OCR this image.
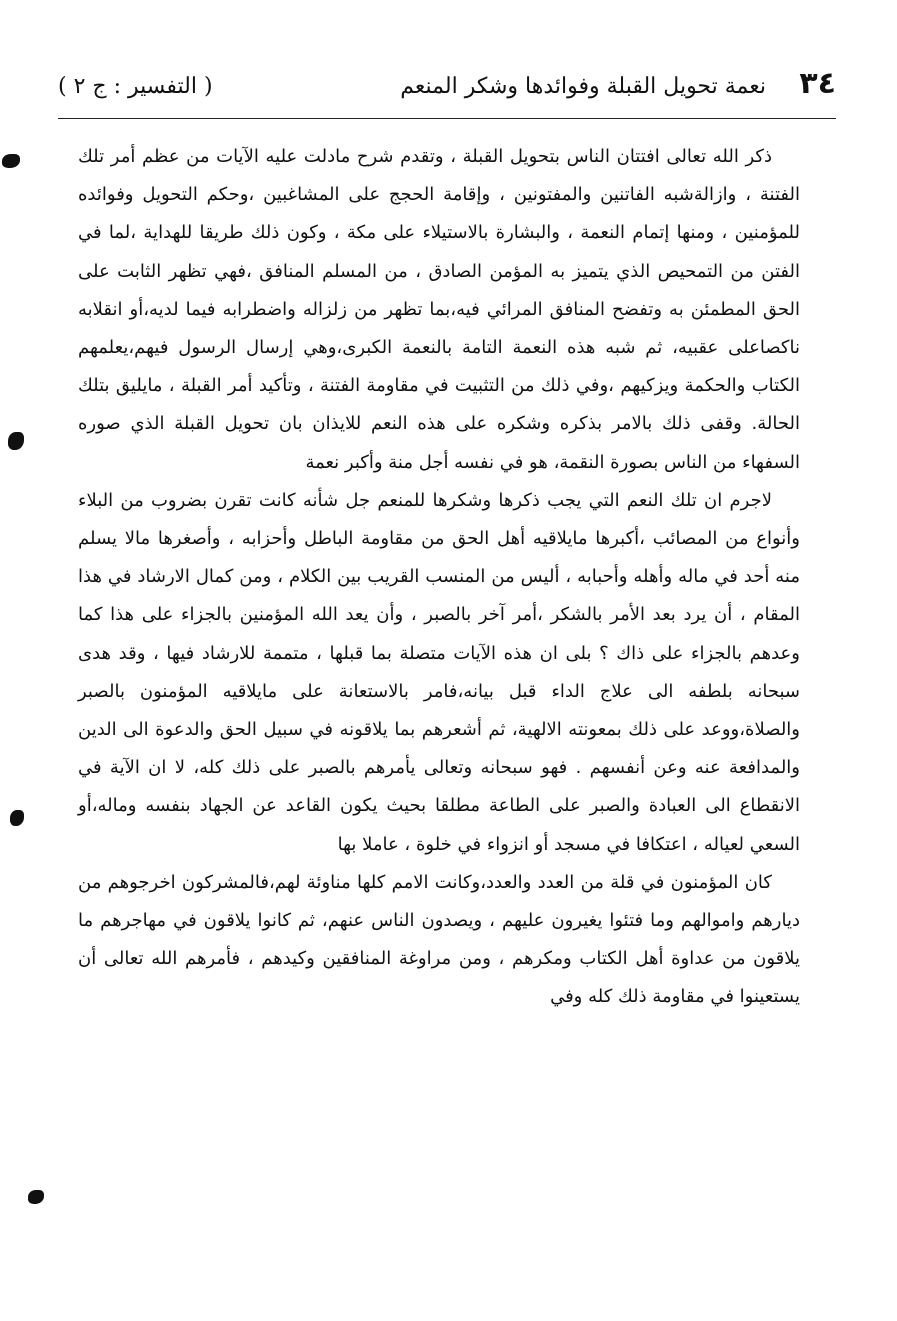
٣٤
نعمة تحويل القبلة وفوائدها وشكر المنعم
( التفسير : ج ٢ )

ذكر الله تعالى افتتان الناس بتحويل القبلة ، وتقدم شرح مادلت عليه الآيات من عظم أمر تلك الفتنة ، وازالةشبه الفاتنين والمفتونين ، وإقامة الحجج على المشاغبين ،وحكم التحويل وفوائده للمؤمنين ، ومنها إتمام النعمة ، والبشارة بالاستيلاء على مكة ، وكون ذلك طريقا للهداية ،لما في الفتن من التمحيص الذي يتميز به المؤمن الصادق ، من المسلم المنافق ،فهي تظهر الثابت على الحق المطمئن به وتفضح المنافق المرائي فيه،بما تظهر من زلزاله واضطرابه فيما لديه،أو انقلابه ناكصاعلى عقبيه، ثم شبه هذه النعمة التامة بالنعمة الكبرى،وهي إرسال الرسول فيهم،يعلمهم الكتاب والحكمة ويزكيهم ،وفي ذلك من التثبيت في مقاومة الفتنة ، وتأكيد أمر القبلة ، مايليق بتلك الحالة. وقفى ذلك بالامر بذكره وشكره على هذه النعم للايذان بان تحويل القبلة الذي صوره السفهاء من الناس بصورة النقمة، هو في نفسه أجل منة وأكبر نعمة

لاجرم ان تلك النعم التي يجب ذكرها وشكرها للمنعم جل شأنه كانت تقرن بضروب من البلاء وأنواع من المصائب ،أكبرها مايلاقيه أهل الحق من مقاومة الباطل وأحزابه ، وأصغرها مالا يسلم منه أحد في ماله وأهله وأحبابه ، أليس من المنسب القريب بين الكلام ، ومن كمال الارشاد في هذا المقام ، أن يرد بعد الأمر بالشكر ،أمر آخر بالصبر ، وأن يعد الله المؤمنين بالجزاء على هذا كما وعدهم بالجزاء على ذاك ؟ بلى ان هذه الآيات متصلة بما قبلها ، متممة للارشاد فيها ، وقد هدى سبحانه بلطفه الى علاج الداء قبل بيانه،فامر بالاستعانة على مايلاقيه المؤمنون بالصبر والصلاة،ووعد على ذلك بمعونته الالهية، ثم أشعرهم بما يلاقونه في سبيل الحق والدعوة الى الدين والمدافعة عنه وعن أنفسهم . فهو سبحانه وتعالى يأمرهم بالصبر على ذلك كله، لا ان الآية في الانقطاع الى العبادة والصبر على الطاعة مطلقا بحيث يكون القاعد عن الجهاد بنفسه وماله،أو السعي لعياله ، اعتكافا في مسجد أو انزواء في خلوة ، عاملا بها

كان المؤمنون في قلة من العدد والعدد،وكانت الامم كلها مناوئة لهم،فالمشركون اخرجوهم من ديارهم واموالهم وما فتئوا يغيرون عليهم ، ويصدون الناس عنهم، ثم كانوا يلاقون في مهاجرهم ما يلاقون من عداوة أهل الكتاب ومكرهم ، ومن مراوغة المنافقين وكيدهم ، فأمرهم الله تعالى أن يستعينوا في مقاومة ذلك كله وفي
